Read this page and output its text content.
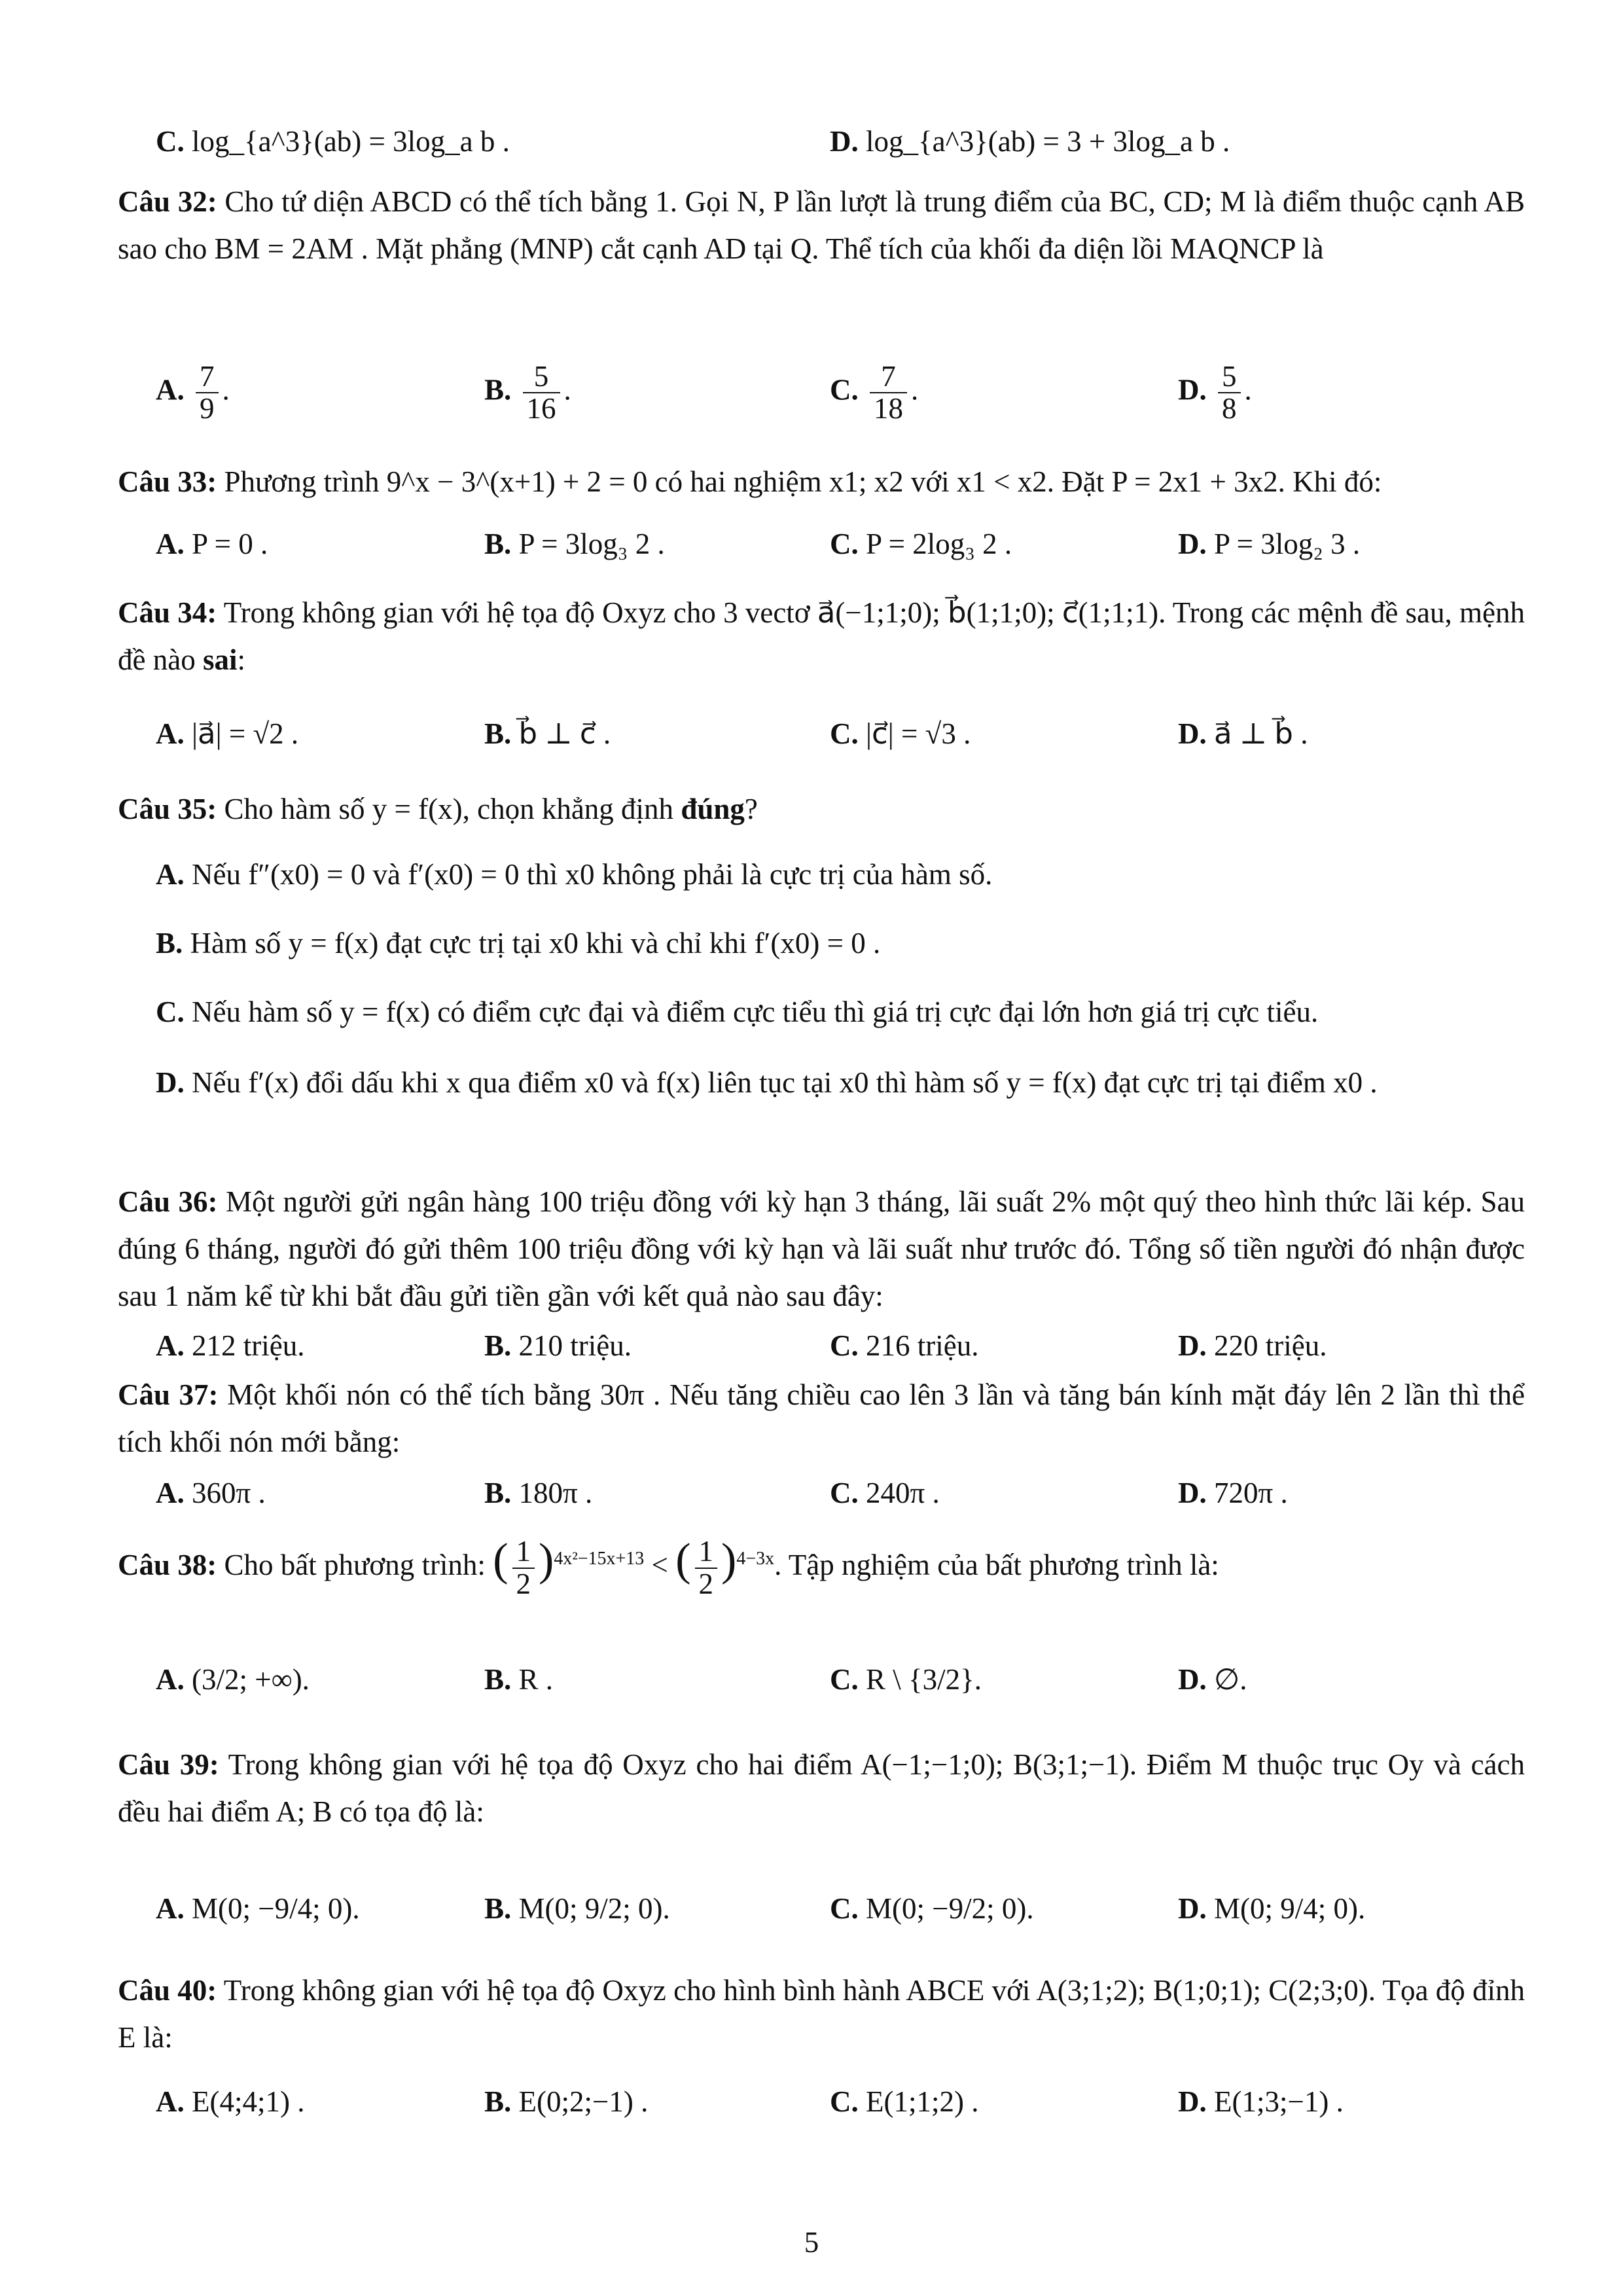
C. log_{a^3}(ab) = 3log_a b .	D. log_{a^3}(ab) = 3 + 3log_a b .
Câu 32: Cho tứ diện ABCD có thể tích bằng 1. Gọi N, P lần lượt là trung điểm của BC, CD; M là điểm thuộc cạnh AB sao cho BM = 2AM . Mặt phẳng (MNP) cắt cạnh AD tại Q. Thể tích của khối đa diện lồi MAQNCP là
A. $\frac{7}{9}$ .	B. $\frac{5}{16}$ .	C. $\frac{7}{18}$ .	D. $\frac{5}{8}$ .
Câu 33: Phương trình 9^x − 3^(x+1) + 2 = 0 có hai nghiệm x1; x2 với x1 < x2. Đặt P = 2x1 + 3x2. Khi đó:
A. P = 0 .	B. P = 3log₃ 2 .	C. P = 2log₃ 2 .	D. P = 3log₂ 3 .
Câu 34: Trong không gian với hệ tọa độ Oxyz cho 3 vectơ a⃗(−1;1;0); b⃗(1;1;0); c⃗(1;1;1). Trong các mệnh đề sau, mệnh đề nào sai:
A. |a⃗| = √2 .	B. b⃗ ⊥ c⃗ .	C. |c⃗| = √3 .	D. a⃗ ⊥ b⃗ .
Câu 35: Cho hàm số y = f(x), chọn khẳng định đúng?
A. Nếu f″(x0) = 0 và f′(x0) = 0 thì x0 không phải là cực trị của hàm số.
B. Hàm số y = f(x) đạt cực trị tại x0 khi và chỉ khi f′(x0) = 0 .
C. Nếu hàm số y = f(x) có điểm cực đại và điểm cực tiểu thì giá trị cực đại lớn hơn giá trị cực tiểu.
D. Nếu f′(x) đổi dấu khi x qua điểm x0 và f(x) liên tục tại x0 thì hàm số y = f(x) đạt cực trị tại điểm x0 .
Câu 36: Một người gửi ngân hàng 100 triệu đồng với kỳ hạn 3 tháng, lãi suất 2% một quý theo hình thức lãi kép. Sau đúng 6 tháng, người đó gửi thêm 100 triệu đồng với kỳ hạn và lãi suất như trước đó. Tổng số tiền người đó nhận được sau 1 năm kể từ khi bắt đầu gửi tiền gần với kết quả nào sau đây:
A. 212 triệu.	B. 210 triệu.	C. 216 triệu.	D. 220 triệu.
Câu 37: Một khối nón có thể tích bằng 30π . Nếu tăng chiều cao lên 3 lần và tăng bán kính mặt đáy lên 2 lần thì thể tích khối nón mới bằng:
A. 360π .	B. 180π .	C. 240π .	D. 720π .
Câu 38: Cho bất phương trình: ( $\frac{1}{2} )^{4x^2-15x+13}$ < ( $\frac{1}{2} )^{4-3x}$. Tập nghiệm của bất phương trình là:
A. (3/2; +∞).	B. R .	C. R \ {3/2}.	D. ∅.
Câu 39: Trong không gian với hệ tọa độ Oxyz cho hai điểm A(−1;−1;0); B(3;1;−1). Điểm M thuộc trục Oy và cách đều hai điểm A; B có tọa độ là:
A. M(0; −9/4; 0).	B. M(0; 9/2; 0).	C. M(0; −9/2; 0).	D. M(0; 9/4; 0).
Câu 40: Trong không gian với hệ tọa độ Oxyz cho hình bình hành ABCE với A(3;1;2); B(1;0;1); C(2;3;0). Tọa độ đỉnh E là:
A. E(4;4;1) .	B. E(0;2;−1) .	C. E(1;1;2) .	D. E(1;3;−1) .
5
